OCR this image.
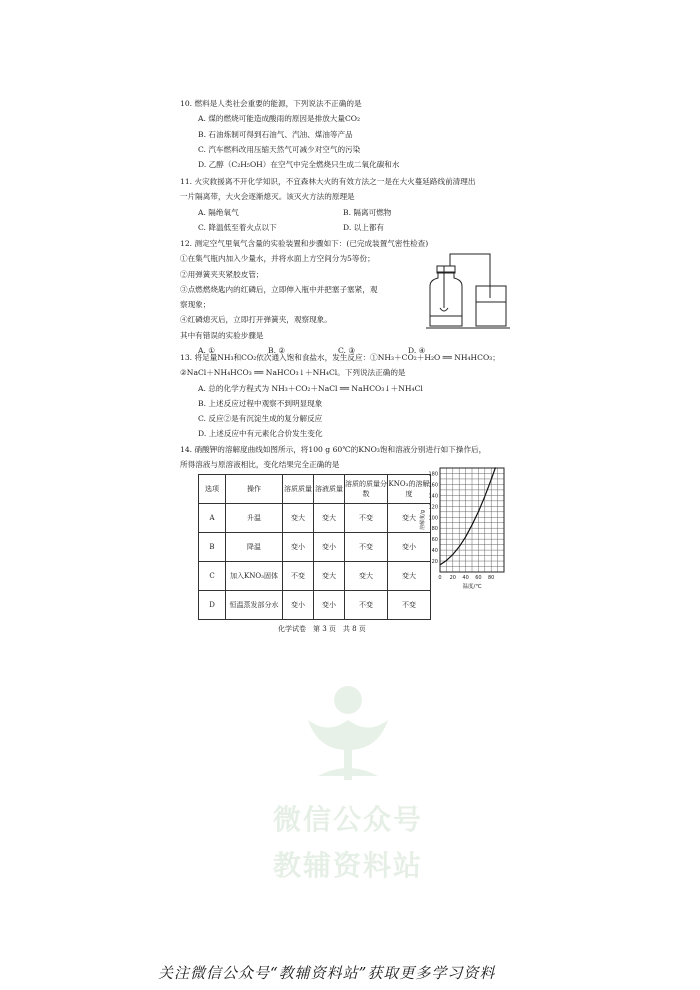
10. 燃料是人类社会重要的能源，下列说法不正确的是

A. 煤的燃烧可能造成酸雨的原因是排放大量CO₂

B. 石油炼制可得到石油气、汽油、煤油等产品

C. 汽车燃料改用压缩天然气可减少对空气的污染

D. 乙醇（C₂H₅OH）在空气中完全燃烧只生成二氧化碳和水

11. 火灾救援离不开化学知识，不宜森林大火的有效方法之一是在大火蔓延路线前清理出

一片隔离带，大火会逐渐熄灭。该灭火方法的原理是

A. 隔绝氧气	B. 隔离可燃物

C. 降温低至着火点以下	D. 以上都有

12. 测定空气里氧气含量的实验装置和步骤如下：(已完成装置气密性检查)

①在集气瓶内加入少量水，并将水面上方空间分为5等份；

②用弹簧夹夹紧胶皮管；

③点燃燃烧匙内的红磷后，立即伸入瓶中并把塞子塞紧，观

察现象；

④红磷熄灭后，立即打开弹簧夹，观察现象。

其中有错误的实验步骤是

A. ①	B. ②	C. ③	D. ④

13. 将足量NH₃和CO₂依次通入饱和食盐水，发生反应：①NH₃＋CO₂＋H₂O ══ NH₄HCO₃；

②NaCl＋NH₄HCO₃ ══ NaHCO₃↓＋NH₄Cl。下列说法正确的是

A. 总的化学方程式为 NH₃＋CO₂＋NaCl ══ NaHCO₃↓＋NH₄Cl

B. 上述反应过程中观察不到明显现象

C. 反应②是有沉淀生成的复分解反应

D. 上述反应中有元素化合价发生变化

14. 硝酸钾的溶解度曲线如图所示，将100 g 60℃的KNO₃饱和溶液分别进行如下操作后，

所得溶液与原溶液相比，变化结果完全正确的是

选项	操作	溶质质量	溶液质量	溶质的质量分数	KNO₃的溶解度
A	升温	变大	变大	不变	变大
B	降温	变小	变小	不变	变小
C	加入KNO₃固体	不变	变大	变大	变大
D	恒温蒸发部分水	变小	变小	不变	不变
20
40
60
80
100
120
140
160
180
0 20 40 60 80
溶解度/g
温度/℃
化学试卷　第 3 页　共 8 页
微信公众号
教辅资料站
关注微信公众号“教辅资料站”获取更多学习资料
